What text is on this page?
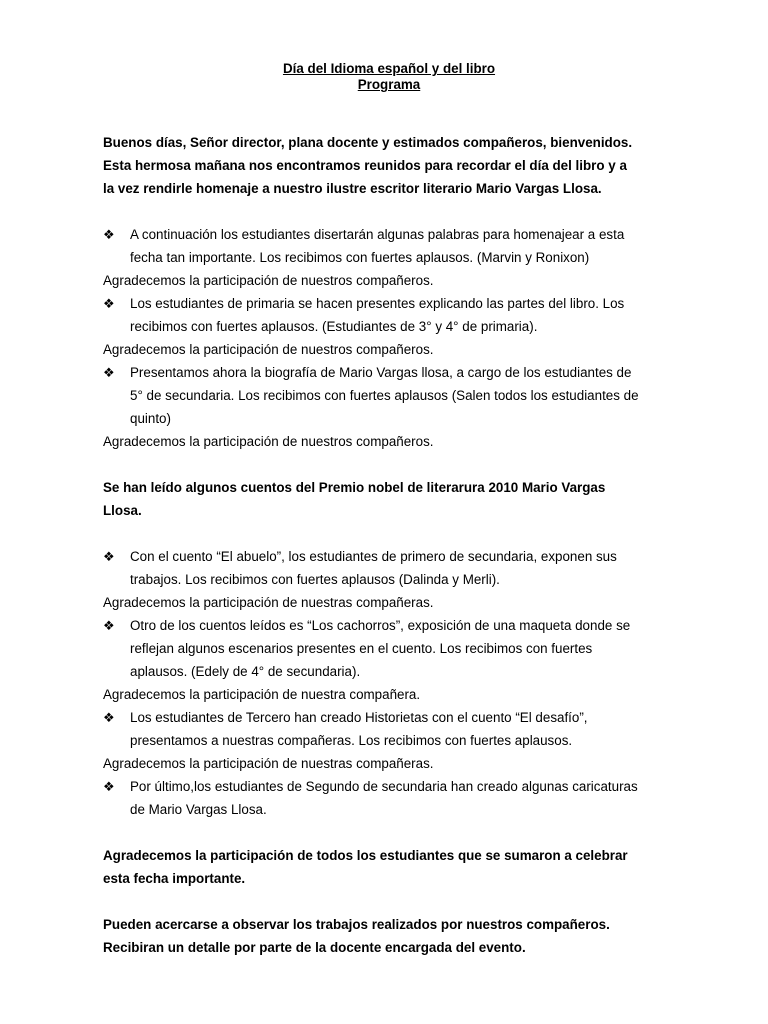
Día del Idioma español y del libro
Programa

Buenos días, Señor director, plana docente y estimados compañeros, bienvenidos.

Esta hermosa mañana nos encontramos reunidos para recordar el día del libro y a

la vez rendirle homenaje a nuestro ilustre escritor literario Mario Vargas Llosa.

❖	A continuación los estudiantes disertarán algunas palabras para homenajear a esta

fecha tan importante. Los recibimos con fuertes aplausos. (Marvin y Ronixon)

Agradecemos la participación de nuestros compañeros.

❖	Los estudiantes de primaria se hacen presentes explicando las partes del libro. Los

recibimos con fuertes aplausos. (Estudiantes de 3° y 4° de primaria).

Agradecemos la participación de nuestros compañeros.

❖	Presentamos ahora la biografía de Mario Vargas llosa, a cargo de los estudiantes de

5° de secundaria. Los recibimos con fuertes aplausos (Salen todos los estudiantes de

quinto)

Agradecemos la participación de nuestros compañeros.

Se han leído algunos cuentos del Premio nobel de literarura 2010 Mario Vargas

Llosa.

❖	Con el cuento “El abuelo”, los estudiantes de primero de secundaria, exponen sus

trabajos. Los recibimos con fuertes aplausos (Dalinda y Merli).

Agradecemos la participación de nuestras compañeras.

❖	Otro de los cuentos leídos es “Los cachorros”, exposición de una maqueta donde se

reflejan algunos escenarios presentes en el cuento. Los recibimos con fuertes

aplausos. (Edely de 4° de secundaria).

Agradecemos la participación de nuestra compañera.

❖	Los estudiantes de Tercero han creado Historietas con el cuento “El desafío”,

presentamos a nuestras compañeras. Los recibimos con fuertes aplausos.

Agradecemos la participación de nuestras compañeras.

❖	Por último,los estudiantes de Segundo de secundaria han creado algunas caricaturas

de Mario Vargas Llosa.

Agradecemos la participación de todos los estudiantes que se sumaron a celebrar

esta fecha importante.

Pueden acercarse a observar los trabajos realizados por nuestros compañeros.

Recibiran un detalle por parte de la docente encargada del evento.
